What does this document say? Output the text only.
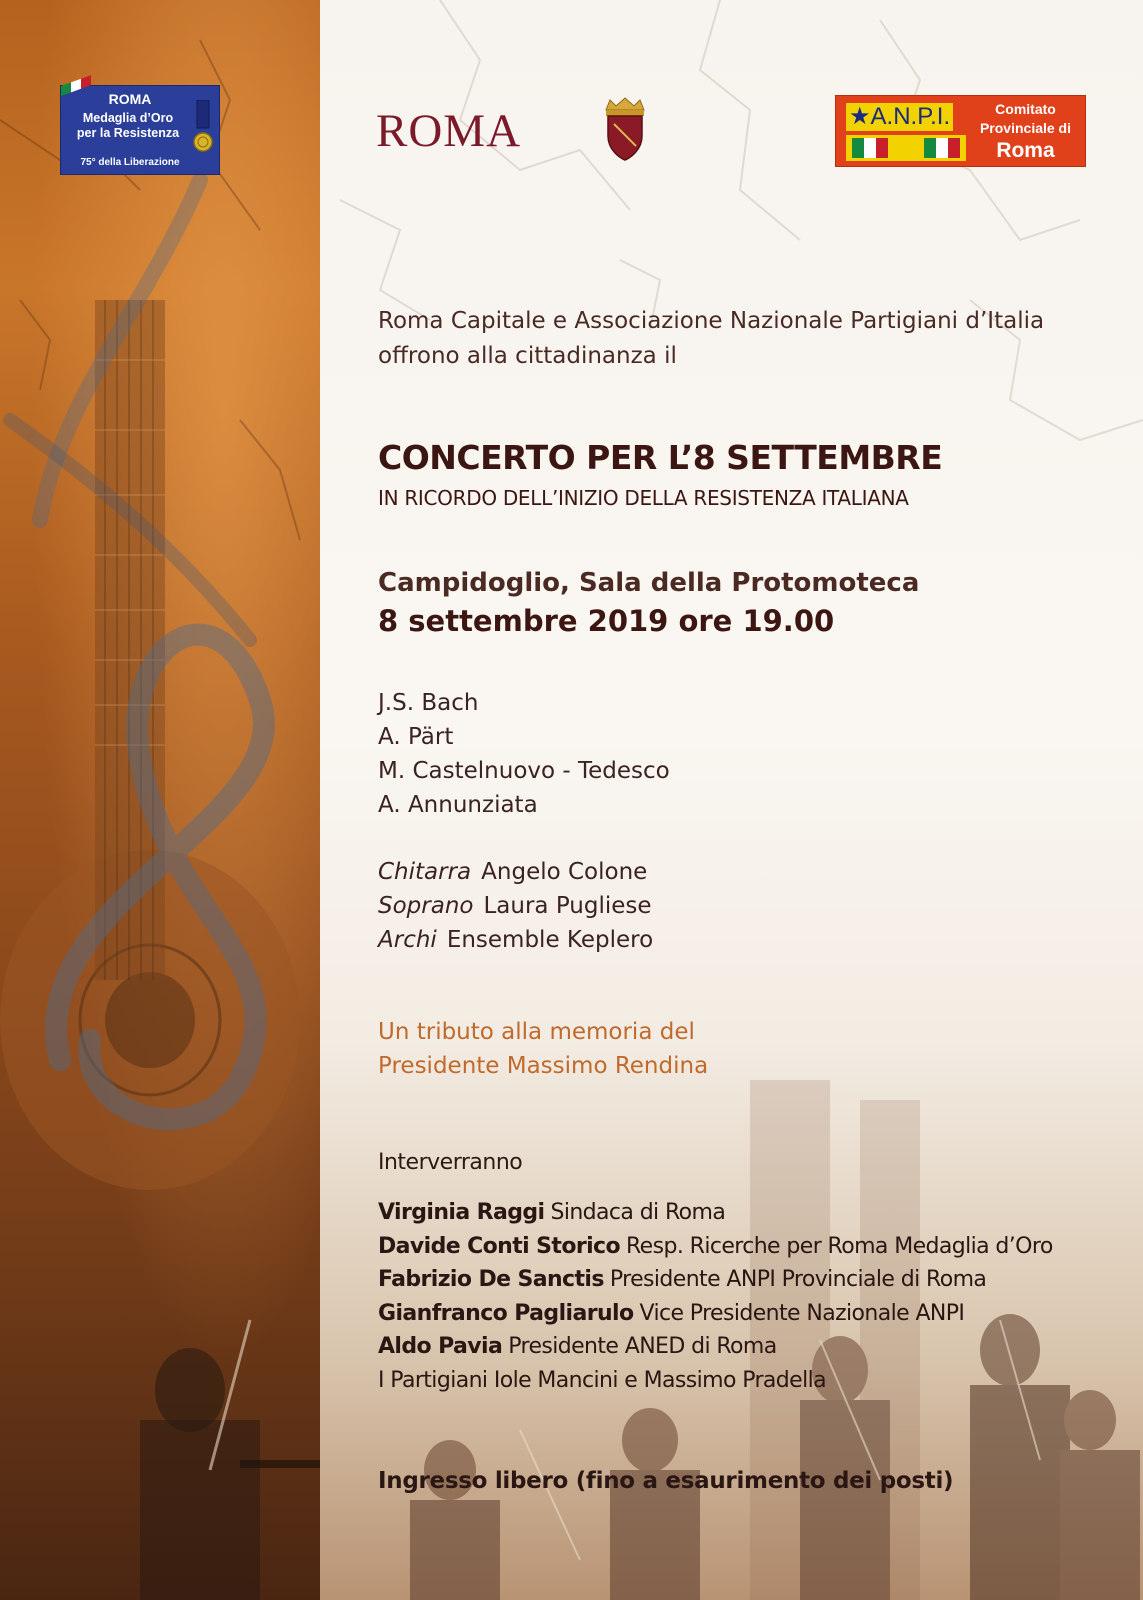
ROMA
Medaglia d’Oro
per la Resistenza
75° della Liberazione
ROMA	★A.N.P.I.	Comitato
Provinciale di
Roma
Roma Capitale e Associazione Nazionale Partigiani d’Italia
offrono alla cittadinanza il
CONCERTO PER L’8 SETTEMBRE
IN RICORDO DELL’INIZIO DELLA RESISTENZA ITALIANA
Campidoglio, Sala della Protomoteca
8 settembre 2019 ore 19.00
J.S. Bach
A. Pärt
M. Castelnuovo - Tedesco
A. Annunziata
Chitarra Angelo Colone
Soprano Laura Pugliese
Archi Ensemble Keplero
Un tributo alla memoria del
Presidente Massimo Rendina
Interverranno
Virginia Raggi Sindaca di Roma
Davide Conti Storico Resp. Ricerche per Roma Medaglia d’Oro
Fabrizio De Sanctis Presidente ANPI Provinciale di Roma
Gianfranco Pagliarulo Vice Presidente Nazionale ANPI
Aldo Pavia Presidente ANED di Roma
I Partigiani Iole Mancini e Massimo Pradella
Ingresso libero (fino a esaurimento dei posti)
